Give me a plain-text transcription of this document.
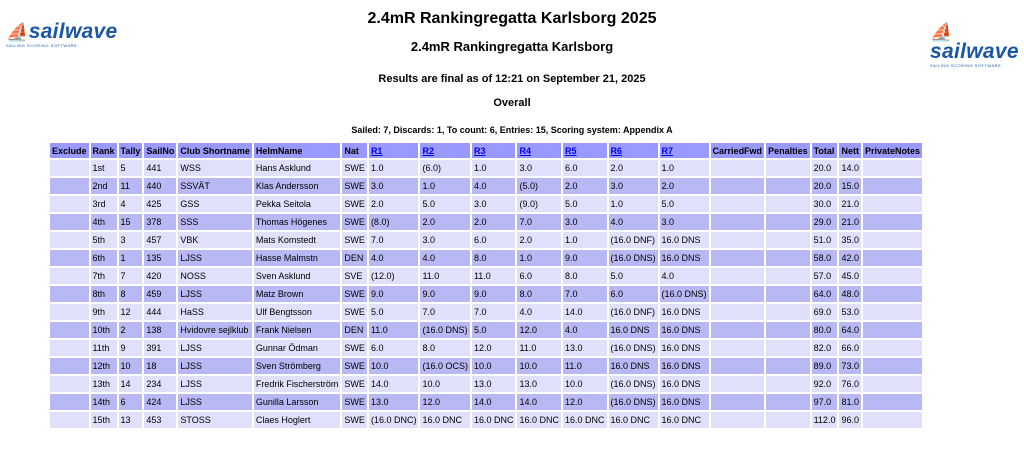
⛵sailwave
SAILING SCORING SOFTWARE
⛵sailwave
SAILING SCORING SOFTWARE
2.4mR Rankingregatta Karlsborg 2025
2.4mR Rankingregatta Karlsborg
Results are final as of 12:21 on September 21, 2025
Overall
Sailed: 7, Discards: 1, To count: 6, Entries: 15, Scoring system: Appendix A
Exclude	Rank	Tally	SailNo	Club Shortname	HelmName	Nat	R1	R2	R3	R4	R5	R6	R7	CarriedFwd	Penalties	Total	Nett	PrivateNotes
	1st	5	441	WSS	Hans Asklund	SWE	1.0	(6.0)	1.0	3.0	6.0	2.0	1.0			20.0	14.0	
	2nd	11	440	SSVÄT	Klas Andersson	SWE	3.0	1.0	4.0	(5.0)	2.0	3.0	2.0			20.0	15.0	
	3rd	4	425	GSS	Pekka Seitola	SWE	2.0	5.0	3.0	(9.0)	5.0	1.0	5.0			30.0	21.0	
	4th	15	378	SSS	Thomas Högenes	SWE	(8.0)	2.0	2.0	7.0	3.0	4.0	3.0			29.0	21.0	
	5th	3	457	VBK	Mats Komstedt	SWE	7.0	3.0	6.0	2.0	1.0	(16.0 DNF)	16.0 DNS			51.0	35.0	
	6th	1	135	LJSS	Hasse Malmstn	DEN	4.0	4.0	8.0	1.0	9.0	(16.0 DNS)	16.0 DNS			58.0	42.0	
	7th	7	420	NOSS	Sven Asklund	SVE	(12.0)	11.0	11.0	6.0	8.0	5.0	4.0			57.0	45.0	
	8th	8	459	LJSS	Matz Brown	SWE	9.0	9.0	9.0	8.0	7.0	6.0	(16.0 DNS)			64.0	48.0	
	9th	12	444	HaSS	Ulf Bengtsson	SWE	5.0	7.0	7.0	4.0	14.0	(16.0 DNF)	16.0 DNS			69.0	53.0	
	10th	2	138	Hvidovre sejlklub	Frank Nielsen	DEN	11.0	(16.0 DNS)	5.0	12.0	4.0	16.0 DNS	16.0 DNS			80.0	64.0	
	11th	9	391	LJSS	Gunnar Ödman	SWE	6.0	8.0	12.0	11.0	13.0	(16.0 DNS)	16.0 DNS			82.0	66.0	
	12th	10	18	LJSS	Sven Strömberg	SWE	10.0	(16.0 OCS)	10.0	10.0	11.0	16.0 DNS	16.0 DNS			89.0	73.0	
	13th	14	234	LJSS	Fredrik Fischerström	SWE	14.0	10.0	13.0	13.0	10.0	(16.0 DNS)	16.0 DNS			92.0	76.0	
	14th	6	424	LJSS	Gunilla Larsson	SWE	13.0	12.0	14.0	14.0	12.0	(16.0 DNS)	16.0 DNS			97.0	81.0	
	15th	13	453	STOSS	Claes Hoglert	SWE	(16.0 DNC)	16.0 DNC	16.0 DNC	16.0 DNC	16.0 DNC	16.0 DNC	16.0 DNC			112.0	96.0	
